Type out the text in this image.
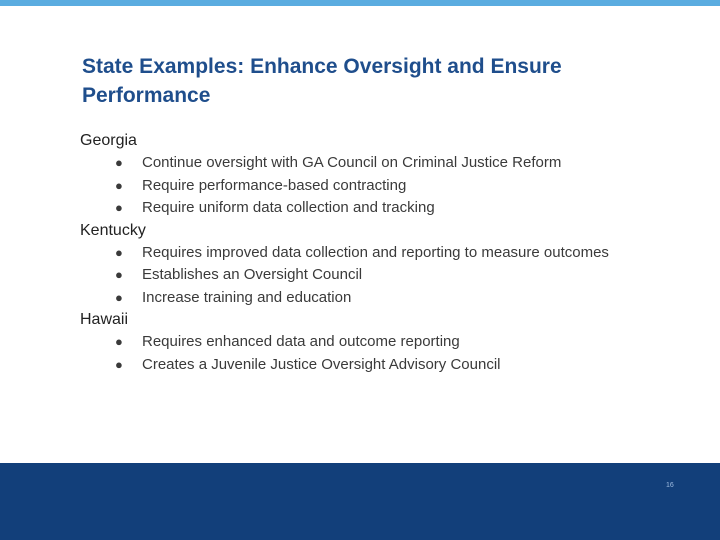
State Examples: Enhance Oversight and Ensure Performance
Georgia
● Continue oversight with GA Council on Criminal Justice Reform
● Require performance-based contracting
● Require uniform data collection and tracking
Kentucky
● Requires improved data collection and reporting to measure outcomes
● Establishes an Oversight Council
● Increase training and education
Hawaii
● Requires enhanced data and outcome reporting
● Creates a Juvenile Justice Oversight Advisory Council
16
